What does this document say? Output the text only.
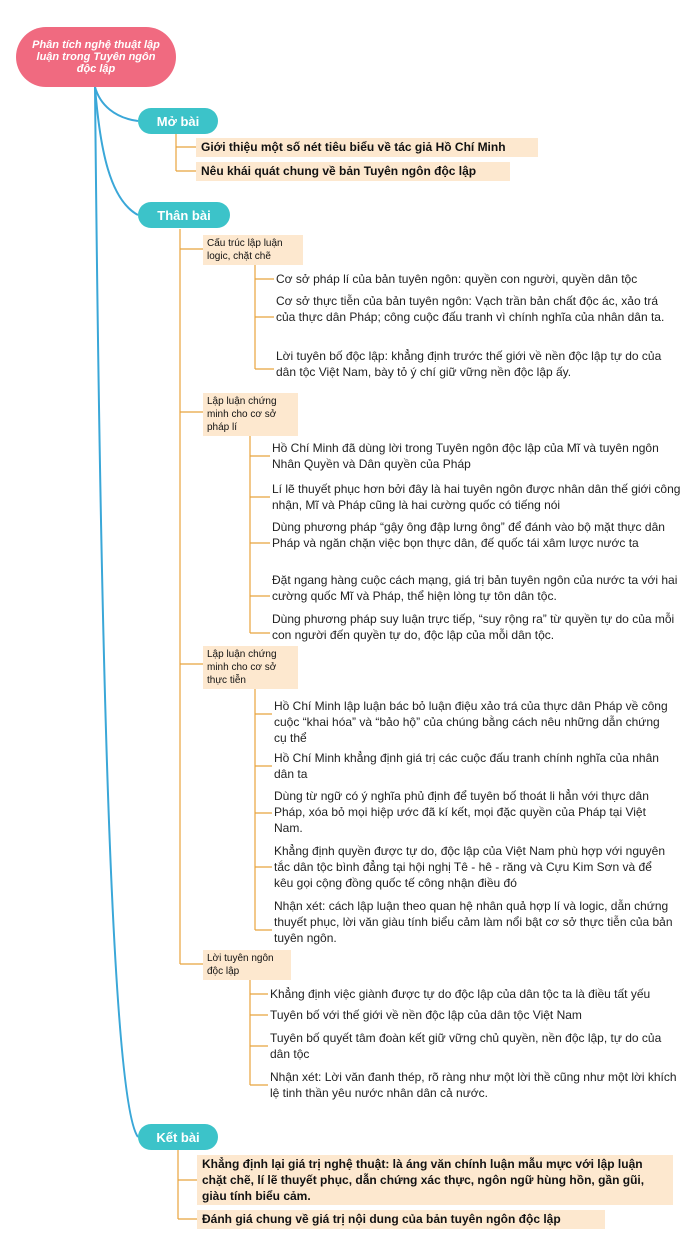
Phân tích nghệ thuật lập luận trong Tuyên ngôn độc lập
Mở bài
Giới thiệu một số nét tiêu biểu về tác giả Hồ Chí Minh
Nêu khái quát chung về bản Tuyên ngôn độc lập
Thân bài
Cấu trúc lập luận logic, chặt chẽ
Cơ sở pháp lí của bản tuyên ngôn: quyền con người, quyền dân tộc
Cơ sở thực tiễn của bản tuyên ngôn: Vạch trần bản chất độc ác, xảo trá của thực dân Pháp; công cuộc đấu tranh vì chính nghĩa của nhân dân ta.
Lời tuyên bố độc lập: khẳng định trước thế giới về nền độc lập tự do của dân tộc Việt Nam, bày tỏ ý chí giữ vững nền độc lập ấy.
Lập luận chứng minh cho cơ sở pháp lí
Hồ Chí Minh đã dùng lời trong Tuyên ngôn độc lập của Mĩ và tuyên ngôn Nhân Quyền và Dân quyền của Pháp
Lí lẽ thuyết phục hơn bởi đây là hai tuyên ngôn được nhân dân thế giới công nhận, Mĩ và Pháp cũng là hai cường quốc có tiếng nói
Dùng phương pháp “gậy ông đập lưng ông” để đánh vào bộ mặt thực dân Pháp và ngăn chặn việc bọn thực dân, đế quốc tái xâm lược nước ta
Đặt ngang hàng cuộc cách mạng, giá trị bản tuyên ngôn của nước ta với hai cường quốc Mĩ và Pháp, thể hiện lòng tự tôn dân tộc.
Dùng phương pháp suy luận trực tiếp, “suy rộng ra” từ quyền tự do của mỗi con người đến quyền tự do, độc lập của mỗi dân tộc.
Lập luận chứng minh cho cơ sở thực tiễn
Hồ Chí Minh lập luận bác bỏ luận điệu xảo trá của thực dân Pháp về công cuộc “khai hóa” và “bảo hộ” của chúng bằng cách nêu những dẫn chứng cụ thể
Hồ Chí Minh khẳng định giá trị các cuộc đấu tranh chính nghĩa của nhân dân ta
Dùng từ ngữ có ý nghĩa phủ định để tuyên bố thoát li hẳn với thực dân Pháp, xóa bỏ mọi hiệp ước đã kí kết, mọi đặc quyền của Pháp tại Việt Nam.
Khẳng định quyền được tự do, độc lập của Việt Nam phù hợp với nguyên tắc dân tộc bình đẳng tại hội nghị Tê - hê - răng và Cựu Kim Sơn và để kêu gọi cộng đồng quốc tế công nhận điều đó
Nhận xét: cách lập luận theo quan hệ nhân quả hợp lí và logic, dẫn chứng thuyết phục, lời văn giàu tính biểu cảm làm nổi bật cơ sở thực tiễn của bản tuyên ngôn.
Lời tuyên ngôn độc lập
Khẳng định việc giành được tự do độc lập của dân tộc ta là điều tất yếu
Tuyên bố với thế giới về nền độc lập của dân tộc Việt Nam
Tuyên bố quyết tâm đoàn kết giữ vững chủ quyền, nền độc lập, tự do của dân tộc
Nhận xét: Lời văn đanh thép, rõ ràng như một lời thề cũng như một lời khích lệ tinh thần yêu nước nhân dân cả nước.
Kết bài
Khẳng định lại giá trị nghệ thuật: là áng văn chính luận mẫu mực với lập luận chặt chẽ, lí lẽ thuyết phục, dẫn chứng xác thực, ngôn ngữ hùng hồn, gần gũi, giàu tính biểu cảm.
Đánh giá chung về giá trị nội dung của bản tuyên ngôn độc lập
